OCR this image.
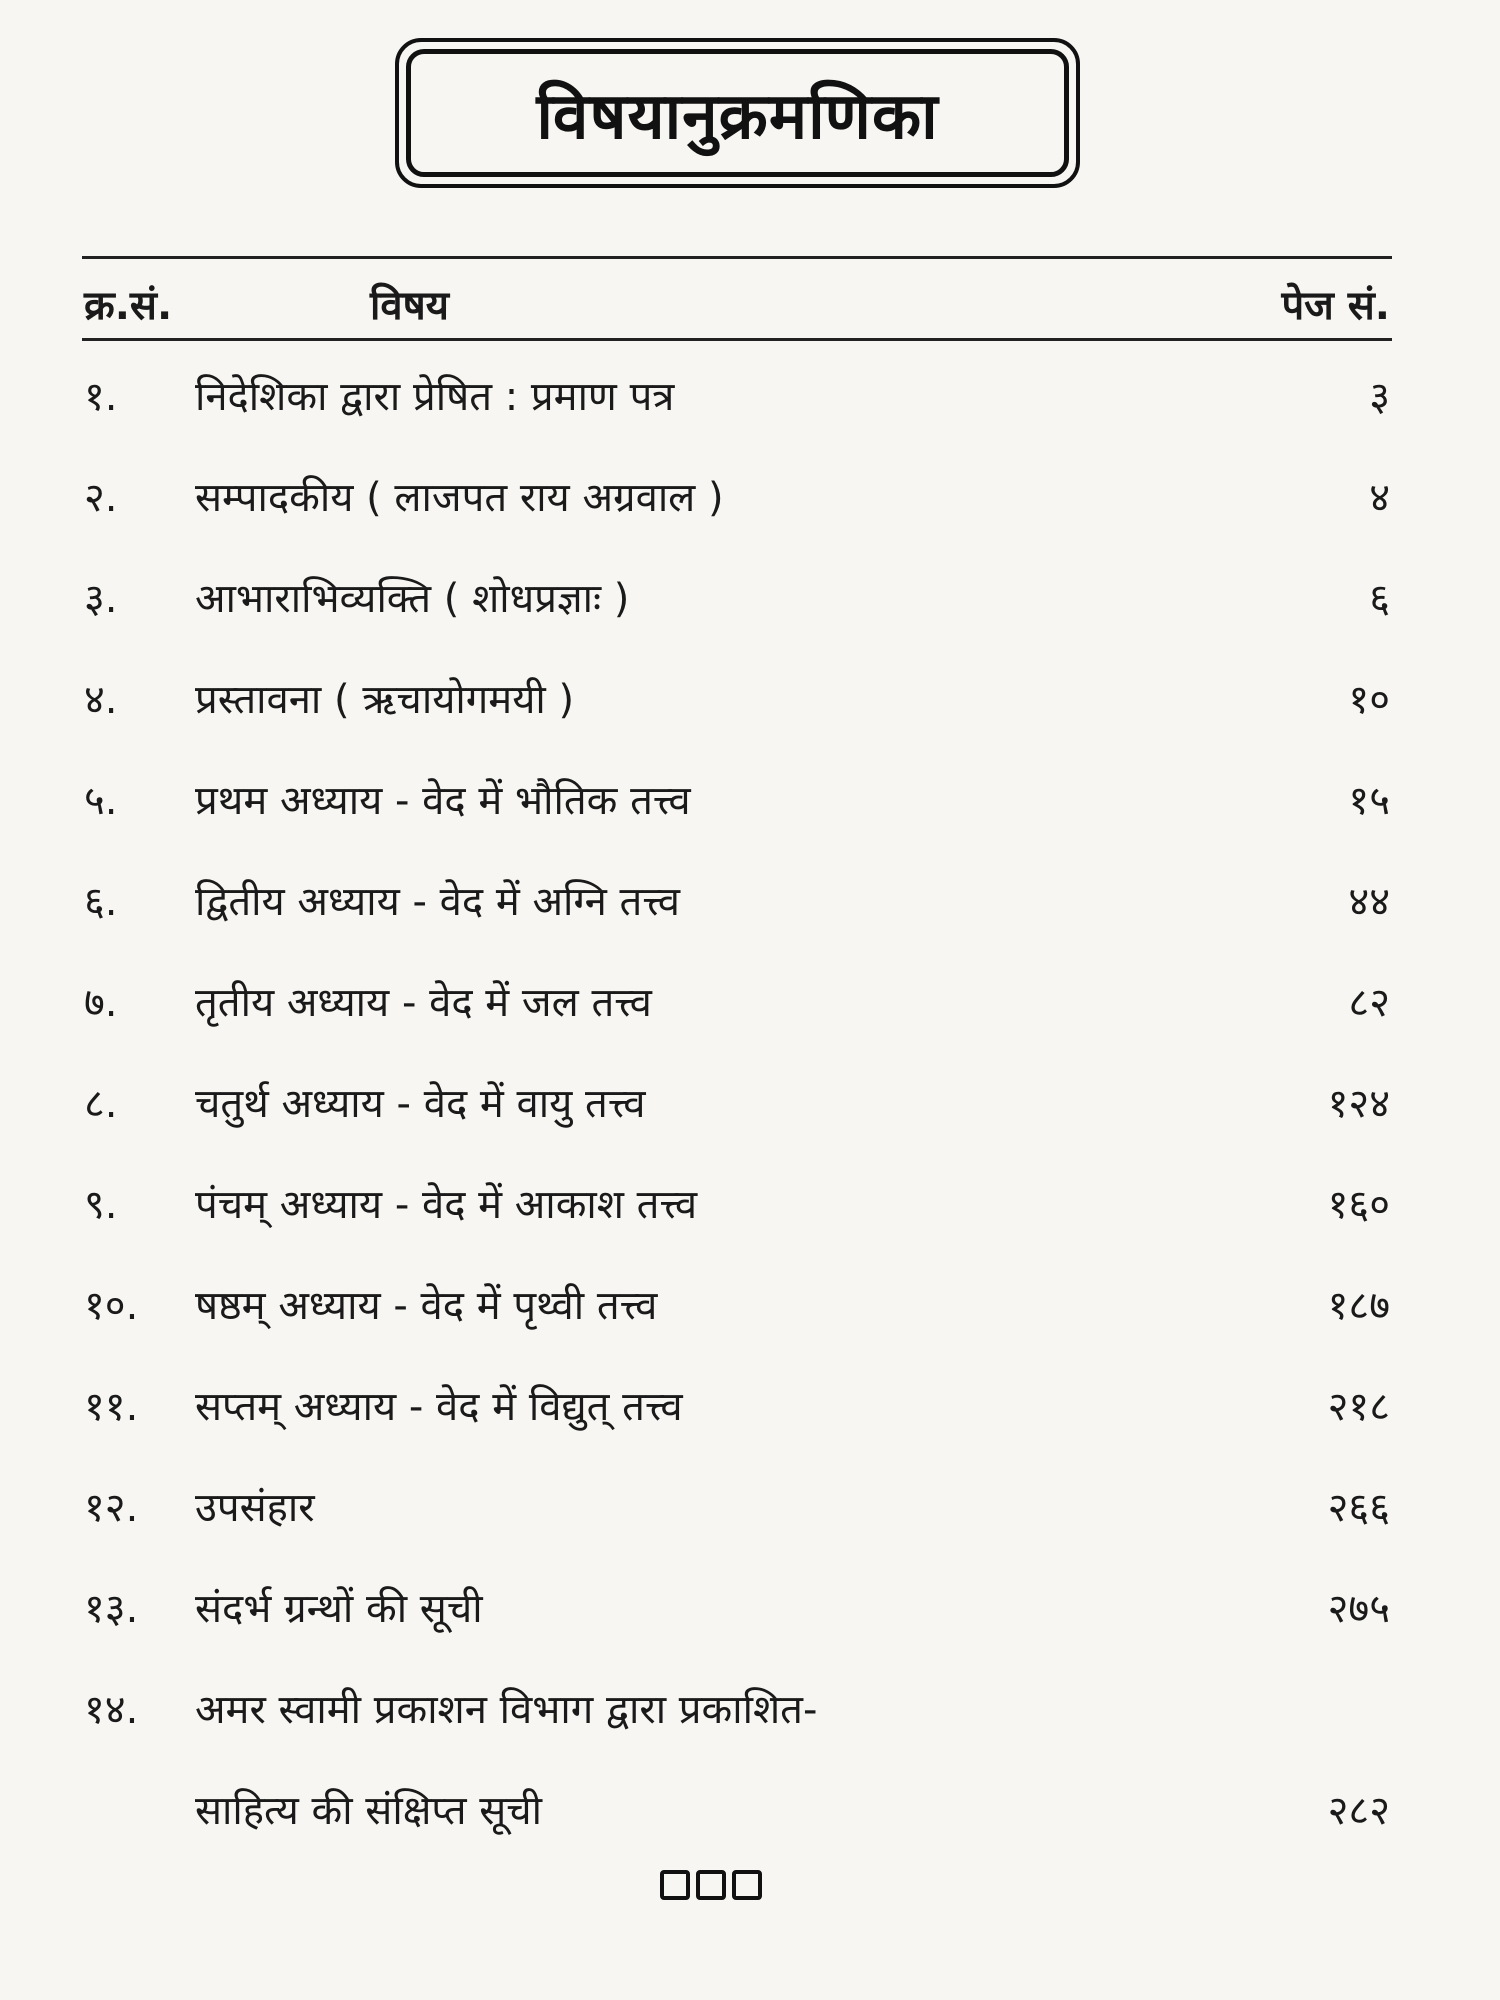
विषयानुक्रमणिका
क्र.सं.	विषय	पेज सं.
१. निदेशिका द्वारा प्रेषित : प्रमाण पत्र	३
२. सम्पादकीय ( लाजपत राय अग्रवाल )	४
३. आभाराभिव्यक्ति ( शोधप्रज्ञाः )	६
४. प्रस्तावना ( ऋचायोगमयी )	१०
५. प्रथम अध्याय - वेद में भौतिक तत्त्व	१५
६. द्वितीय अध्याय - वेद में अग्नि तत्त्व	४४
७. तृतीय अध्याय - वेद में जल तत्त्व	८२
८. चतुर्थ अध्याय - वेद में वायु तत्त्व	१२४
९. पंचम् अध्याय - वेद में आकाश तत्त्व	१६०
१०. षष्ठम् अध्याय - वेद में पृथ्वी तत्त्व	१८७
११. सप्तम् अध्याय - वेद में विद्युत् तत्त्व	२१८
१२. उपसंहार	२६६
१३. संदर्भ ग्रन्थों की सूची	२७५
१४. अमर स्वामी प्रकाशन विभाग द्वारा प्रकाशित-
साहित्य की संक्षिप्त सूची	२८२
